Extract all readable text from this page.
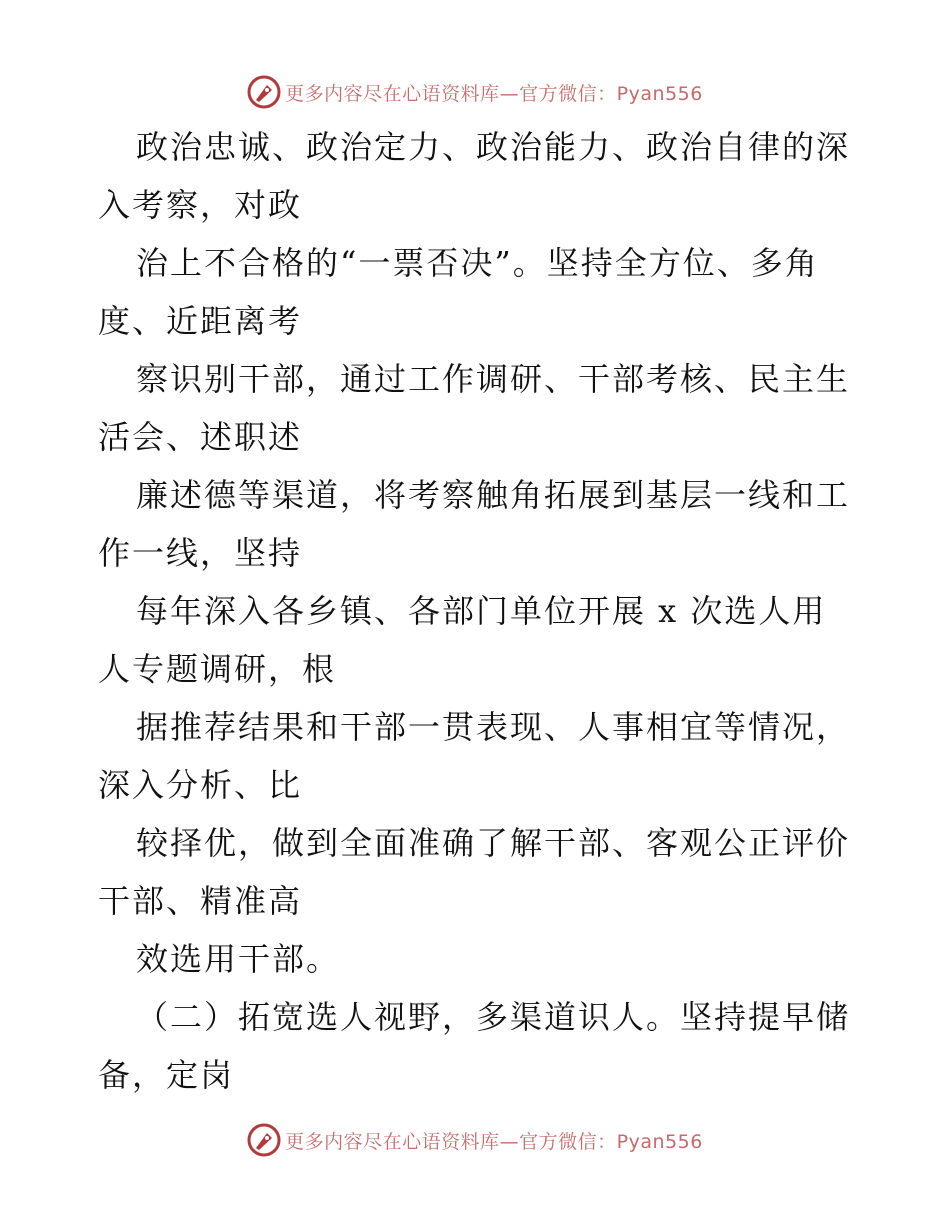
更多内容尽在心语资料库—官方微信：Pyan556
政治忠诚、政治定力、政治能力、政治自律的深
入考察，对政
治上不合格的“一票否决”。坚持全方位、多角
度、近距离考
察识别干部，通过工作调研、干部考核、民主生
活会、述职述
廉述德等渠道，将考察触角拓展到基层一线和工
作一线，坚持
每年深入各乡镇、各部门单位开展 x 次选人用
人专题调研，根
据推荐结果和干部一贯表现、人事相宜等情况，
深入分析、比
较择优，做到全面准确了解干部、客观公正评价
干部、精准高
效选用干部。
（二）拓宽选人视野，多渠道识人。坚持提早储
备，定岗
更多内容尽在心语资料库—官方微信：Pyan556
